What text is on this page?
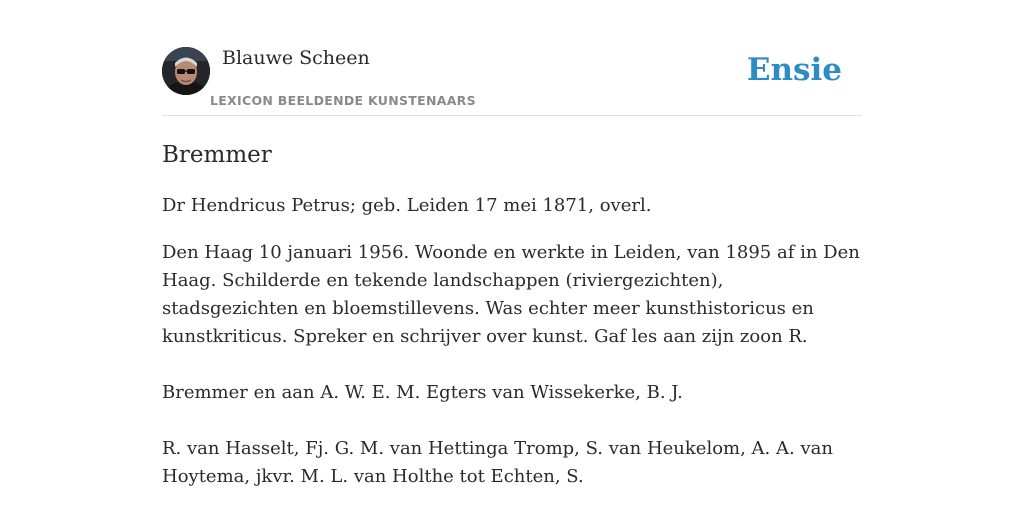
Blauwe Scheen
LEXICON BEELDENDE KUNSTENAARS
Ensie
Bremmer

Dr Hendricus Petrus; geb. Leiden 17 mei 1871, overl.

Den Haag 10 januari 1956. Woonde en werkte in Leiden, van 1895 af in Den Haag. Schilderde en tekende landschappen (riviergezichten), stadsgezichten en bloemstillevens. Was echter meer kunsthistoricus en kunstkriticus. Spreker en schrijver over kunst. Gaf les aan zijn zoon R.

Bremmer en aan A. W. E. M. Egters van Wissekerke, B. J.

R. van Hasselt, Fj. G. M. van Hettinga Tromp, S. van Heukelom, A. A. van Hoytema, jkvr. M. L. van Holthe tot Echten, S.
